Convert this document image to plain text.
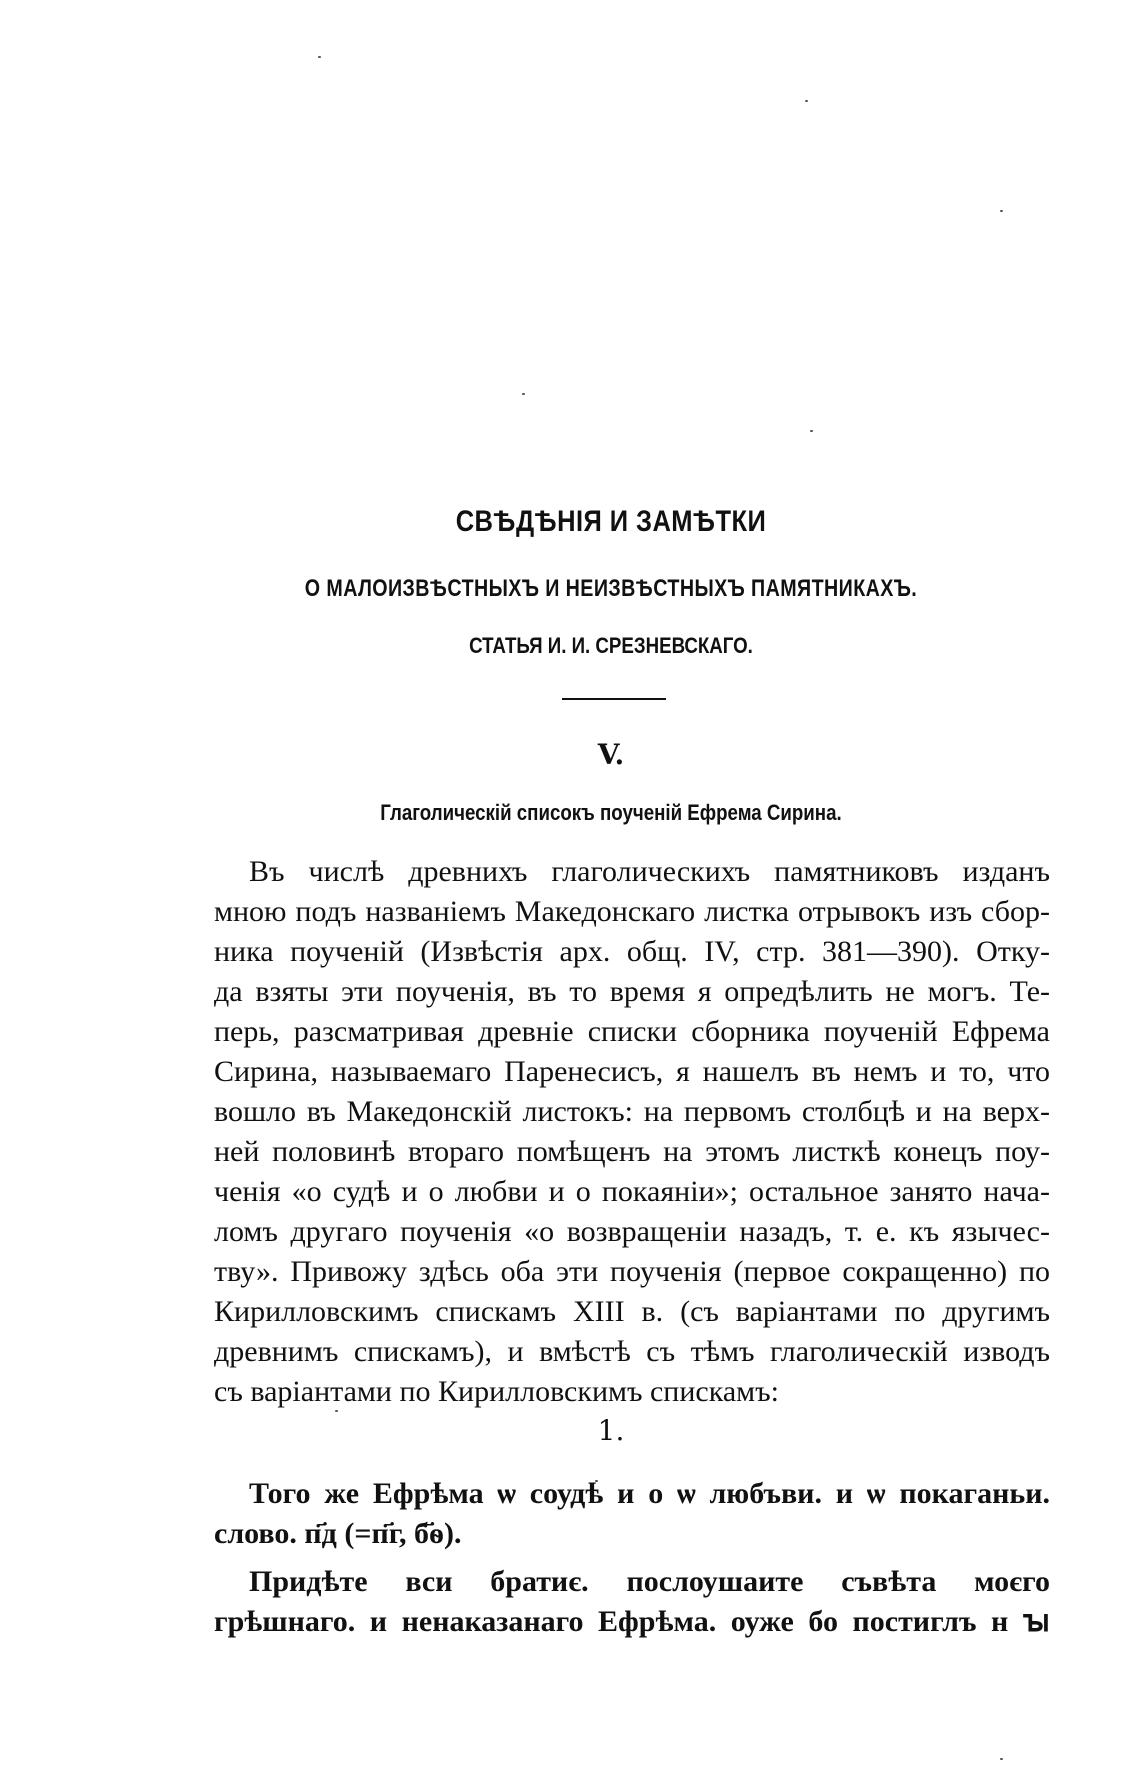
СВѢДѢНІЯ И ЗАМѢТКИ
О МАЛОИЗВѢСТНЫХЪ И НЕИЗВѢСТНЫХЪ ПАМЯТНИКАХЪ.
СТАТЬЯ И. И. СРЕЗНЕВСКАГО.
V.
Глаголическій списокъ поученій Ефрема Сирина.
Въ числѣ древнихъ глаголическихъ памятниковъ изданъ
мною подъ названіемъ Македонскаго листка отрывокъ изъ сбор-
ника поученій (Извѣстія арх. общ. IV, стр. 381—390). Отку-
да взяты эти поученія, въ то время я опредѣлить не могъ. Те-
перь, разсматривая древніе списки сборника поученій Ефрема
Сирина, называемаго Паренесисъ, я нашелъ въ немъ и то, что
вошло въ Македонскій листокъ: на первомъ столбцѣ и на верх-
ней половинѣ втораго помѣщенъ на этомъ листкѣ конецъ поу-
ченія «о судѣ и о любви и о покаяніи»; остальное занято нача-
ломъ другаго поученія «о возвращеніи назадъ, т. е. къ язычес-
тву». Привожу здѣсь оба эти поученія (первое сокращенно) по
Кирилловскимъ спискамъ XIII в. (съ варіантами по другимъ
древнимъ спискамъ), и вмѣстѣ съ тѣмъ глаголическій изводъ
съ варіантами по Кирилловскимъ спискамъ:
1.
Того же Ефрѣма ѡ соудѣ и о ѡ любъви. и ѡ покаганьи.
слово. п҃д (=п҃г, б҃ѳ).
Придѣте вси братиє. послоушаите съвѣта моєго
грѣшнаго. и ненаказанаго Ефрѣма. оуже бо постиглъ н ꙑ
